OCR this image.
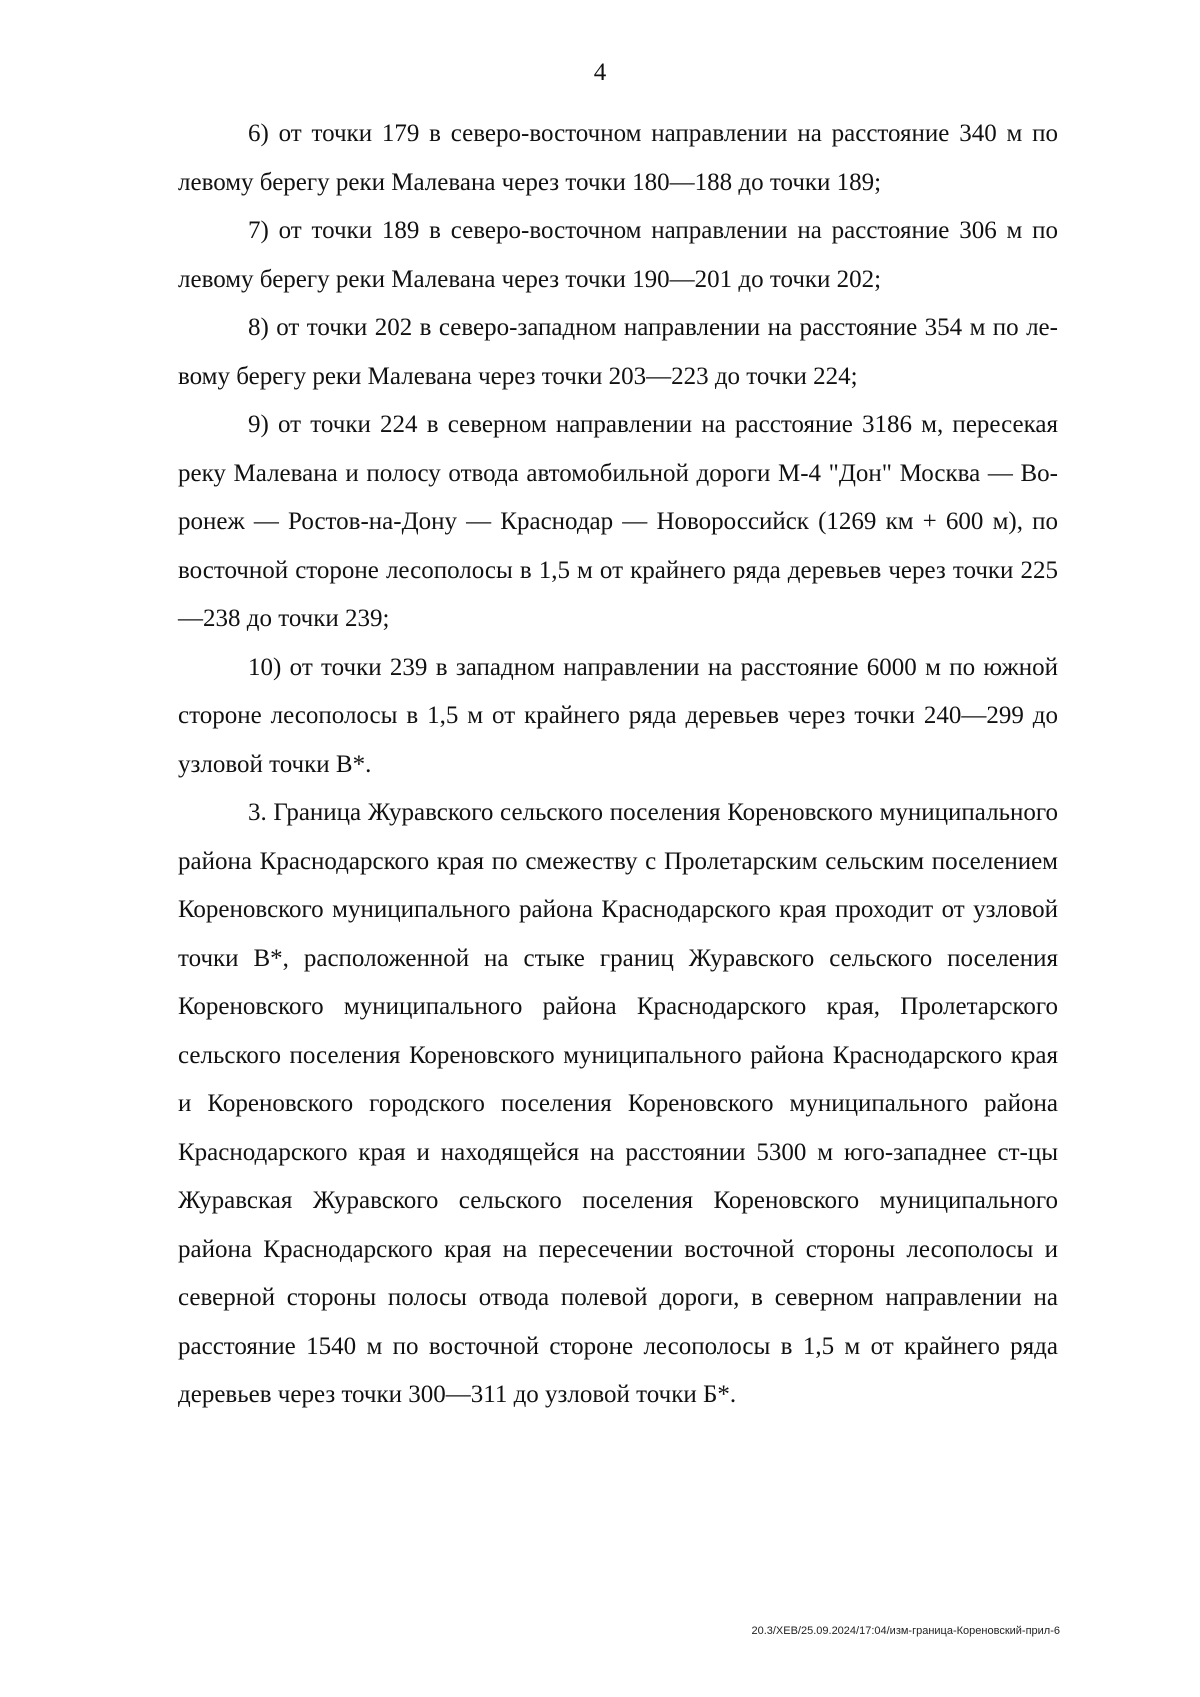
4

6) от точки 179 в северо-восточном направлении на расстояние 340 м по левому берегу реки Малевана через точки 180—188 до точки 189;

7) от точки 189 в северо-восточном направлении на расстояние 306 м по левому берегу реки Малевана через точки 190—201 до точки 202;

8) от точки 202 в северо-западном направлении на расстояние 354 м по левому берегу реки Малевана через точки 203—223 до точки 224;

9) от точки 224 в северном направлении на расстояние 3186 м, пересекая реку Малевана и полосу отвода автомобильной дороги М-4 "Дон" Москва — Воронеж — Ростов-на-Дону — Краснодар — Новороссийск (1269 км + 600 м), по восточной стороне лесополосы в 1,5 м от крайнего ряда деревьев через точки 225—238 до точки 239;

10) от точки 239 в западном направлении на расстояние 6000 м по южной стороне лесополосы в 1,5 м от крайнего ряда деревьев через точки 240—299 до узловой точки В*.

3. Граница Журавского сельского поселения Кореновского муниципального района Краснодарского края по смежеству с Пролетарским сельским поселением Кореновского муниципального района Краснодарского края проходит от узловой точки В*, расположенной на стыке границ Журавского сельского поселения Кореновского муниципального района Краснодарского края, Пролетарского сельского поселения Кореновского муниципального района Краснодарского края и Кореновского городского поселения Кореновского муниципального района Краснодарского края и находящейся на расстоянии 5300 м юго-западнее ст-цы Журавская Журавского сельского поселения Кореновского муниципального района Краснодарского края на пересечении восточной стороны лесополосы и северной стороны полосы отвода полевой дороги, в северном направлении на расстояние 1540 м по восточной стороне лесополосы в 1,5 м от крайнего ряда деревьев через точки 300—311 до узловой точки Б*.

20.3/ХЕВ/25.09.2024/17:04/изм-граница-Кореновский-прил-6
